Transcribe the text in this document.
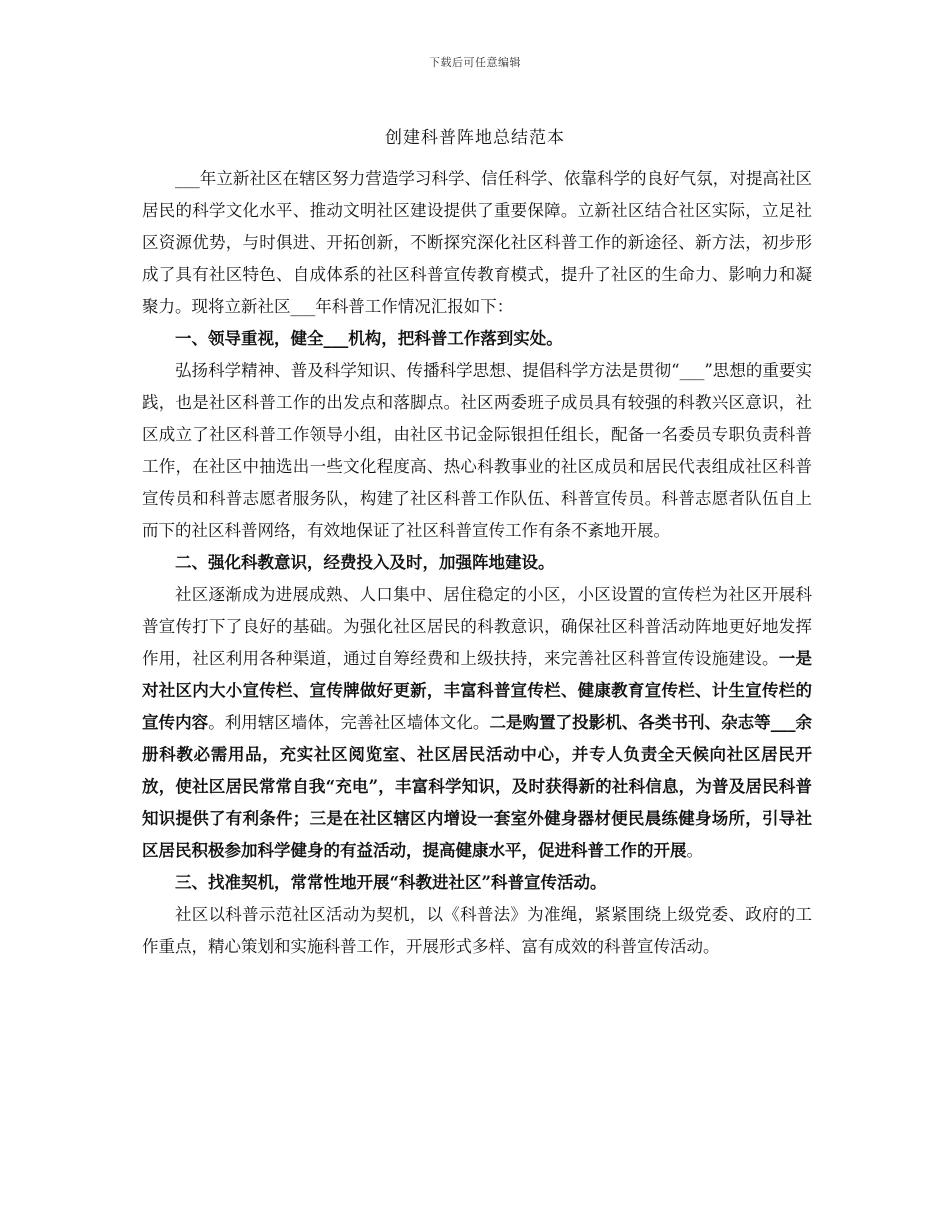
下载后可任意编辑
创建科普阵地总结范本

___年立新社区在辖区努力营造学习科学、信任科学、依靠科学的良好气氛，对提高社区居民的科学文化水平、推动文明社区建设提供了重要保障。立新社区结合社区实际，立足社区资源优势，与时俱进、开拓创新，不断探究深化社区科普工作的新途径、新方法，初步形成了具有社区特色、自成体系的社区科普宣传教育模式，提升了社区的生命力、影响力和凝聚力。现将立新社区___年科普工作情况汇报如下：

一、领导重视，健全___机构，把科普工作落到实处。

弘扬科学精神、普及科学知识、传播科学思想、提倡科学方法是贯彻“___”思想的重要实践，也是社区科普工作的出发点和落脚点。社区两委班子成员具有较强的科教兴区意识，社区成立了社区科普工作领导小组，由社区书记金际银担任组长，配备一名委员专职负责科普工作，在社区中抽选出一些文化程度高、热心科教事业的社区成员和居民代表组成社区科普宣传员和科普志愿者服务队，构建了社区科普工作队伍、科普宣传员。科普志愿者队伍自上而下的社区科普网络，有效地保证了社区科普宣传工作有条不紊地开展。

二、强化科教意识，经费投入及时，加强阵地建设。

社区逐渐成为进展成熟、人口集中、居住稳定的小区，小区设置的宣传栏为社区开展科普宣传打下了良好的基础。为强化社区居民的科教意识，确保社区科普活动阵地更好地发挥作用，社区利用各种渠道，通过自筹经费和上级扶持，来完善社区科普宣传设施建设。一是对社区内大小宣传栏、宣传牌做好更新，丰富科普宣传栏、健康教育宣传栏、计生宣传栏的宣传内容。利用辖区墙体，完善社区墙体文化。二是购置了投影机、各类书刊、杂志等___余册科教必需用品，充实社区阅览室、社区居民活动中心，并专人负责全天候向社区居民开放，使社区居民常常自我“充电”，丰富科学知识，及时获得新的社科信息，为普及居民科普知识提供了有利条件；三是在社区辖区内增设一套室外健身器材便民晨练健身场所，引导社区居民积极参加科学健身的有益活动，提高健康水平，促进科普工作的开展。

三、找准契机，常常性地开展“科教进社区”科普宣传活动。

社区以科普示范社区活动为契机，以《科普法》为准绳，紧紧围绕上级党委、政府的工作重点，精心策划和实施科普工作，开展形式多样、富有成效的科普宣传活动。
